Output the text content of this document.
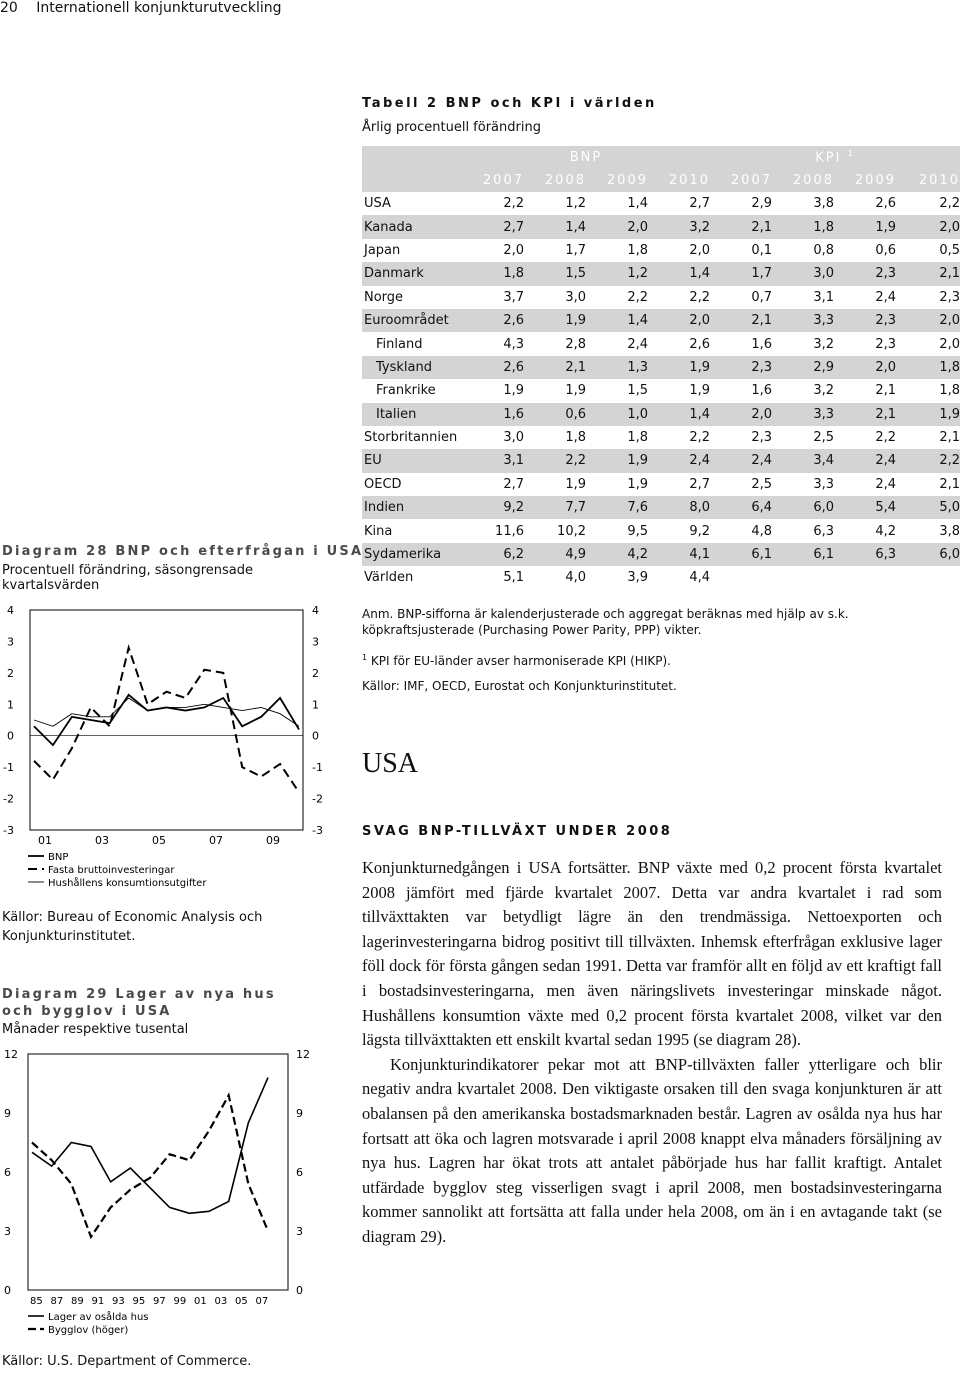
20 Internationell konjunkturutveckling
Tabell 2 BNP och KPI i världen
Årlig procentuell förändring
	BNP				KPI $^1$
	2007	2008	2009	2010	2007	2008	2009	2010
USA	2,2	1,2	1,4	2,7	2,9	3,8	2,6	2,2
Kanada	2,7	1,4	2,0	3,2	2,1	1,8	1,9	2,0
Japan	2,0	1,7	1,8	2,0	0,1	0,8	0,6	0,5
Danmark	1,8	1,5	1,2	1,4	1,7	3,0	2,3	2,1
Norge	3,7	3,0	2,2	2,2	0,7	3,1	2,4	2,3
Euroområdet	2,6	1,9	1,4	2,0	2,1	3,3	2,3	2,0
Finland	4,3	2,8	2,4	2,6	1,6	3,2	2,3	2,0
Tyskland	2,6	2,1	1,3	1,9	2,3	2,9	2,0	1,8
Frankrike	1,9	1,9	1,5	1,9	1,6	3,2	2,1	1,8
Italien	1,6	0,6	1,0	1,4	2,0	3,3	2,1	1,9
Storbritannien	3,0	1,8	1,8	2,2	2,3	2,5	2,2	2,1
EU	3,1	2,2	1,9	2,4	2,4	3,4	2,4	2,2
OECD	2,7	1,9	1,9	2,7	2,5	3,3	2,4	2,1
Indien	9,2	7,7	7,6	8,0	6,4	6,0	5,4	5,0
Kina	11,6	10,2	9,5	9,2	4,8	6,3	4,2	3,8
Sydamerika	6,2	4,9	4,2	4,1	6,1	6,1	6,3	6,0
Världen	5,1	4,0	3,9	4,4				
Anm. BNP-sifforna är kalenderjusterade och aggregat beräknas med hjälp av s.k. köpkraftsjusterade (Purchasing Power Parity, PPP) vikter.
$^1$ KPI för EU-länder avser harmoniserade KPI (HIKP).
Källor: IMF, OECD, Eurostat och Konjunkturinstitutet.
USA
SVAG BNP-TILLVÄXT UNDER 2008

Konjunkturnedgången i USA fortsätter. BNP växte med 0,2 procent första kvartalet 2008 jämfört med fjärde kvartalet 2007. Detta var andra kvartalet i rad som tillväxttakten var betydligt lägre än den trendmässiga. Nettoexporten och lagerinvesteringarna bidrog positivt till tillväxten. Inhemsk efterfrågan exklusive lager föll dock för första gången sedan 1991. Detta var framför allt en följd av ett kraftigt fall i bostadsinvesteringarna, men även näringslivets investeringar minskade något. Hushållens konsumtion växte med 0,2 procent första kvartalet 2008, vilket var den lägsta tillväxttakten ett enskilt kvartal sedan 1995 (se diagram 28).

Konjunkturindikatorer pekar mot att BNP-tillväxten faller ytterligare och blir negativ andra kvartalet 2008. Den viktigaste orsaken till den svaga konjunkturen är att obalansen på den amerikanska bostadsmarknaden består. Lagren av osålda nya hus har fortsatt att öka och lagren motsvarade i april 2008 knappt elva månaders försäljning av nya hus. Lagren har ökat trots att antalet påbörjade hus har fallit kraftigt. Antalet utfärdade bygglov steg visserligen svagt i april 2008, men bostadsinvesteringarna kommer sannolikt att fortsätta att falla under hela 2008, om än i en avtagande takt (se diagram 29).

Diagram 28 BNP och efterfrågan i USA
Procentuell förändring, säsongrensade kvartalsvärden
4	4
3	3
2	2
1	1
0	0
-1	-1
-2	-2
-3	-3
01	03	05	07	09
BNP
Fasta bruttoinvesteringar
Hushållens konsumtionsutgifter
Källor: Bureau of Economic Analysis och Konjunkturinstitutet.
Diagram 29 Lager av nya hus och bygglov i USA
Månader respektive tusental
12	12
9	9
6	6
3	3
0	0
85 87 89 91 93 95 97 99 01 03 05 07
Lager av osålda hus
Bygglov (höger)
Källor: U.S. Department of Commerce.
